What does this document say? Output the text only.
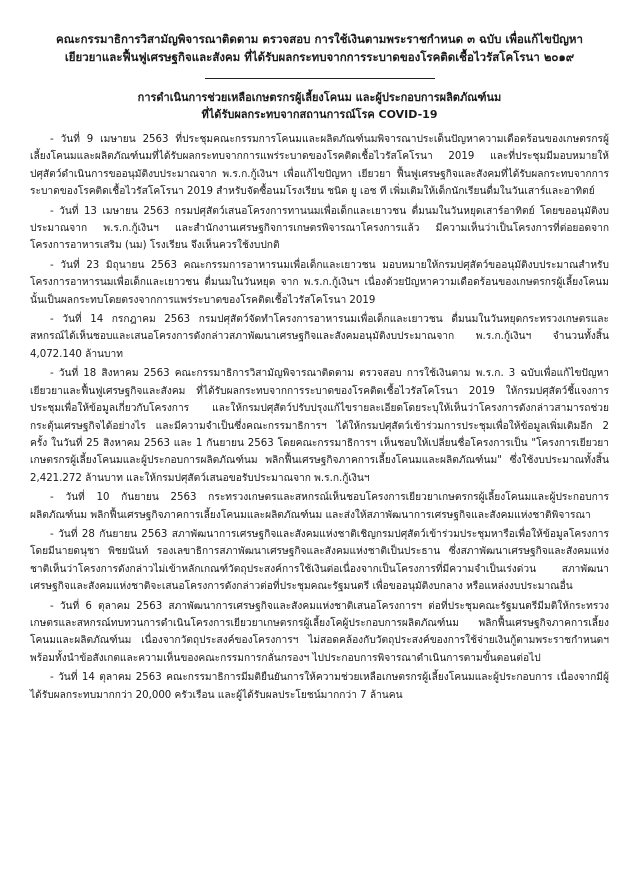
คณะกรรมาธิการวิสามัญพิจารณาติดตาม ตรวจสอบ การใช้เงินตามพระราชกำหนด ๓ ฉบับ เพื่อแก้ไขปัญหา
เยียวยาและฟื้นฟูเศรษฐกิจและสังคม ที่ได้รับผลกระทบจากการระบาดของโรคติดเชื้อไวรัสโคโรนา ๒๐๑๙
การดำเนินการช่วยเหลือเกษตรกรผู้เลี้ยงโคนม และผู้ประกอบการผลิตภัณฑ์นม
ที่ได้รับผลกระทบจากสถานการณ์โรค COVID-19
- วันที่ 9 เมษายน 2563 ที่ประชุมคณะกรรมการโคนมและผลิตภัณฑ์นมพิจารณาประเด็นปัญหาความเดือดร้อนของเกษตรกรผู้เลี้ยงโคนมและผลิตภัณฑ์นมที่ได้รับผลกระทบจากการแพร่ระบาดของโรคติดเชื้อไวรัสโคโรนา 2019 และที่ประชุมมีมอบหมายให้ปศุสัตว์ดำเนินการขออนุมัติงบประมาณจาก พ.ร.ก.กู้เงินฯ เพื่อแก้ไขปัญหา เยียวยา ฟื้นฟูเศรษฐกิจและสังคมที่ได้รับผลกระทบจากการระบาดของโรคติดเชื้อไวรัสโคโรนา 2019 สำหรับจัดซื้อนมโรงเรียน ชนิด ยู เอช ที เพิ่มเติมให้เด็กนักเรียนดื่มในวันเสาร์และอาทิตย์
- วันที่ 13 เมษายน 2563 กรมปศุสัตว์เสนอโครงการทานนมเพื่อเด็กและเยาวชน ดื่มนมในวันหยุดเสาร์อาทิตย์ โดยขออนุมัติงบประมาณจาก พ.ร.ก.กู้เงินฯ และสำนักงานเศรษฐกิจการเกษตรพิจารณาโครงการแล้ว มีความเห็นว่าเป็นโครงการที่ต่อยอดจากโครงการอาหารเสริม (นม) โรงเรียน จึงเห็นควรใช้งบปกติ
- วันที่ 23 มิถุนายน 2563 คณะกรรมการอาหารนมเพื่อเด็กและเยาวชน มอบหมายให้กรมปศุสัตว์ขออนุมัติงบประมาณสำหรับโครงการอาหารนมเพื่อเด็กและเยาวชน ดื่มนมในวันหยุด จาก พ.ร.ก.กู้เงินฯ เนื่องด้วยปัญหาความเดือดร้อนของเกษตรกรผู้เลี้ยงโคนมนั้นเป็นผลกระทบโดยตรงจากการแพร่ระบาดของโรคติดเชื้อไวรัสโคโรนา 2019
- วันที่ 14 กรกฎาคม 2563 กรมปศุสัตว์จัดทำโครงการอาหารนมเพื่อเด็กและเยาวชน ดื่มนมในวันหยุดกระทรวงเกษตรและสหกรณ์ได้เห็นชอบและเสนอโครงการดังกล่าวสภาพัฒนาเศรษฐกิจและสังคมอนุมัติงบประมาณจาก พ.ร.ก.กู้เงินฯ จำนวนทั้งสิ้น 4,072.140 ล้านบาท
- วันที่ 18 สิงหาคม 2563 คณะกรรมาธิการวิสามัญพิจารณาติดตาม ตรวจสอบ การใช้เงินตาม พ.ร.ก. 3 ฉบับเพื่อแก้ไขปัญหาเยียวยาและฟื้นฟูเศรษฐกิจและสังคม ที่ได้รับผลกระทบจากการระบาดของโรคติดเชื้อไวรัสโคโรนา 2019 ให้กรมปศุสัตว์ชี้แจงการประชุมเพื่อให้ข้อมูลเกี่ยวกับโครงการ และให้กรมปศุสัตว์ปรับปรุงแก้ไขรายละเอียดโดยระบุให้เห็นว่าโครงการดังกล่าวสามารถช่วยกระตุ้นเศรษฐกิจได้อย่างไร และมีความจำเป็นซึ่งคณะกรรมาธิการฯ ได้ให้กรมปศุสัตว์เข้าร่วมการประชุมเพื่อให้ข้อมูลเพิ่มเติมอีก 2 ครั้ง ในวันที่ 25 สิงหาคม 2563 และ 1 กันยายน 2563 โดยคณะกรรมาธิการฯ เห็นชอบให้เปลี่ยนชื่อโครงการเป็น "โครงการเยียวยาเกษตรกรผู้เลี้ยงโคนมและผู้ประกอบการผลิตภัณฑ์นม พลิกฟื้นเศรษฐกิจภาคการเลี้ยงโคนมและผลิตภัณฑ์นม" ซึ่งใช้งบประมาณทั้งสิ้น 2,421.272 ล้านบาท และให้กรมปศุสัตว์เสนอขอรับประมาณจาก พ.ร.ก.กู้เงินฯ
- วันที่ 10 กันยายน 2563 กระทรวงเกษตรและสหกรณ์เห็นชอบโครงการเยียวยาเกษตรกรผู้เลี้ยงโคนมและผู้ประกอบการผลิตภัณฑ์นม พลิกฟื้นเศรษฐกิจภาคการเลี้ยงโคนมและผลิตภัณฑ์นม และส่งให้สภาพัฒนาการเศรษฐกิจและสังคมแห่งชาติพิจารณา
- วันที่ 28 กันยายน 2563 สภาพัฒนาการเศรษฐกิจและสังคมแห่งชาติเชิญกรมปศุสัตว์เข้าร่วมประชุมหารือเพื่อให้ข้อมูลโครงการ โดยมีนายดนุชา พิชยนันท์ รองเลขาธิการสภาพัฒนาเศรษฐกิจและสังคมแห่งชาติเป็นประธาน ซึ่งสภาพัฒนาเศรษฐกิจและสังคมแห่งชาติเห็นว่าโครงการดังกล่าวไม่เข้าหลักเกณฑ์วัตถุประสงค์การใช้เงินต่อเนื่องจากเป็นโครงการที่มีความจำเป็นเร่งด่วน สภาพัฒนาเศรษฐกิจและสังคมแห่งชาติจะเสนอโครงการดังกล่าวต่อที่ประชุมคณะรัฐมนตรี เพื่อขออนุมัติงบกลาง หรือแหล่งงบประมาณอื่น
- วันที่ 6 ตุลาคม 2563 สภาพัฒนาการเศรษฐกิจและสังคมแห่งชาติเสนอโครงการฯ ต่อที่ประชุมคณะรัฐมนตรีมีมติให้กระทรวงเกษตรและสหกรณ์ทบทวนการดำเนินโครงการเยียวยาเกษตรกรผู้เลี้ยงโคผู้ประกอบการผลิตภัณฑ์นม พลิกฟื้นเศรษฐกิจภาคการเลี้ยงโคนมและผลิตภัณฑ์นม เนื่องจากวัตถุประสงค์ของโครงการฯ ไม่สอดคล้องกับวัตถุประสงค์ของการใช้จ่ายเงินกู้ตามพระราชกำหนดฯ พร้อมทั้งนำข้อสังเกตและความเห็นของคณะกรรมการกลั่นกรองฯ ไปประกอบการพิจารณาดำเนินการตามขั้นตอนต่อไป
- วันที่ 14 ตุลาคม 2563 คณะกรรมาธิการมีมติยืนยันการให้ความช่วยเหลือเกษตรกรผู้เลี้ยงโคนมและผู้ประกอบการ เนื่องจากมีผู้ได้รับผลกระทบมากกว่า 20,000 ครัวเรือน และผู้ได้รับผลประโยชน์มากกว่า 7 ล้านคน
